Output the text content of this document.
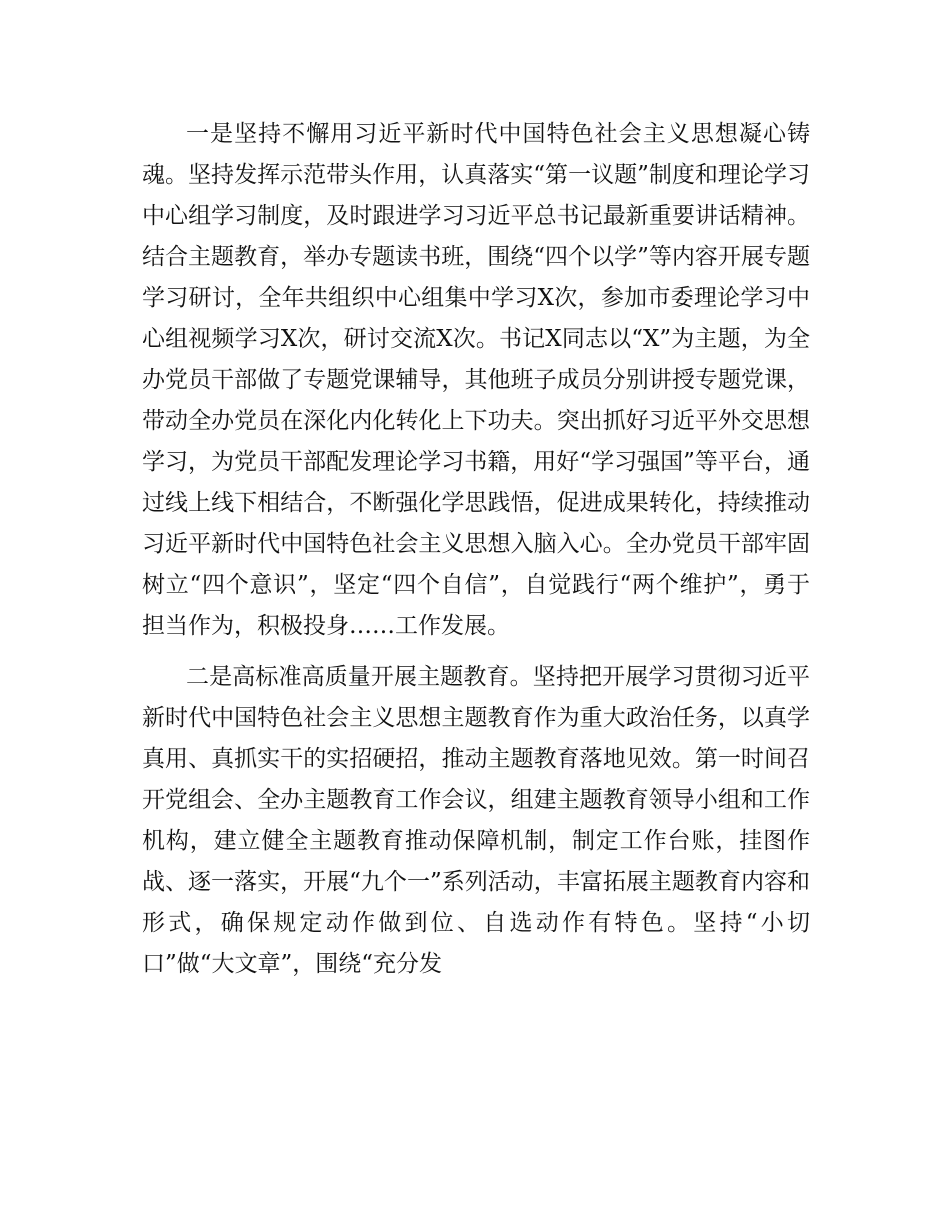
一是坚持不懈用习近平新时代中国特色社会主义思想凝心铸魂。坚持发挥示范带头作用，认真落实“第一议题”制度和理论学习中心组学习制度，及时跟进学习习近平总书记最新重要讲话精神。结合主题教育，举办专题读书班，围绕“四个以学”等内容开展专题学习研讨，全年共组织中心组集中学习X次，参加市委理论学习中心组视频学习X次，研讨交流X次。书记X同志以“X”为主题，为全办党员干部做了专题党课辅导，其他班子成员分别讲授专题党课，带动全办党员在深化内化转化上下功夫。突出抓好习近平外交思想学习，为党员干部配发理论学习书籍，用好“学习强国”等平台，通过线上线下相结合，不断强化学思践悟，促进成果转化，持续推动习近平新时代中国特色社会主义思想入脑入心。全办党员干部牢固树立“四个意识”，坚定“四个自信”，自觉践行“两个维护”，勇于担当作为，积极投身……工作发展。

二是高标准高质量开展主题教育。坚持把开展学习贯彻习近平新时代中国特色社会主义思想主题教育作为重大政治任务，以真学真用、真抓实干的实招硬招，推动主题教育落地见效。第一时间召开党组会、全办主题教育工作会议，组建主题教育领导小组和工作机构，建立健全主题教育推动保障机制，制定工作台账，挂图作战、逐一落实，开展“九个一”系列活动，丰富拓展主题教育内容和形式，确保规定动作做到位、自选动作有特色。坚持“小切口”做“大文章”，围绕“充分发
